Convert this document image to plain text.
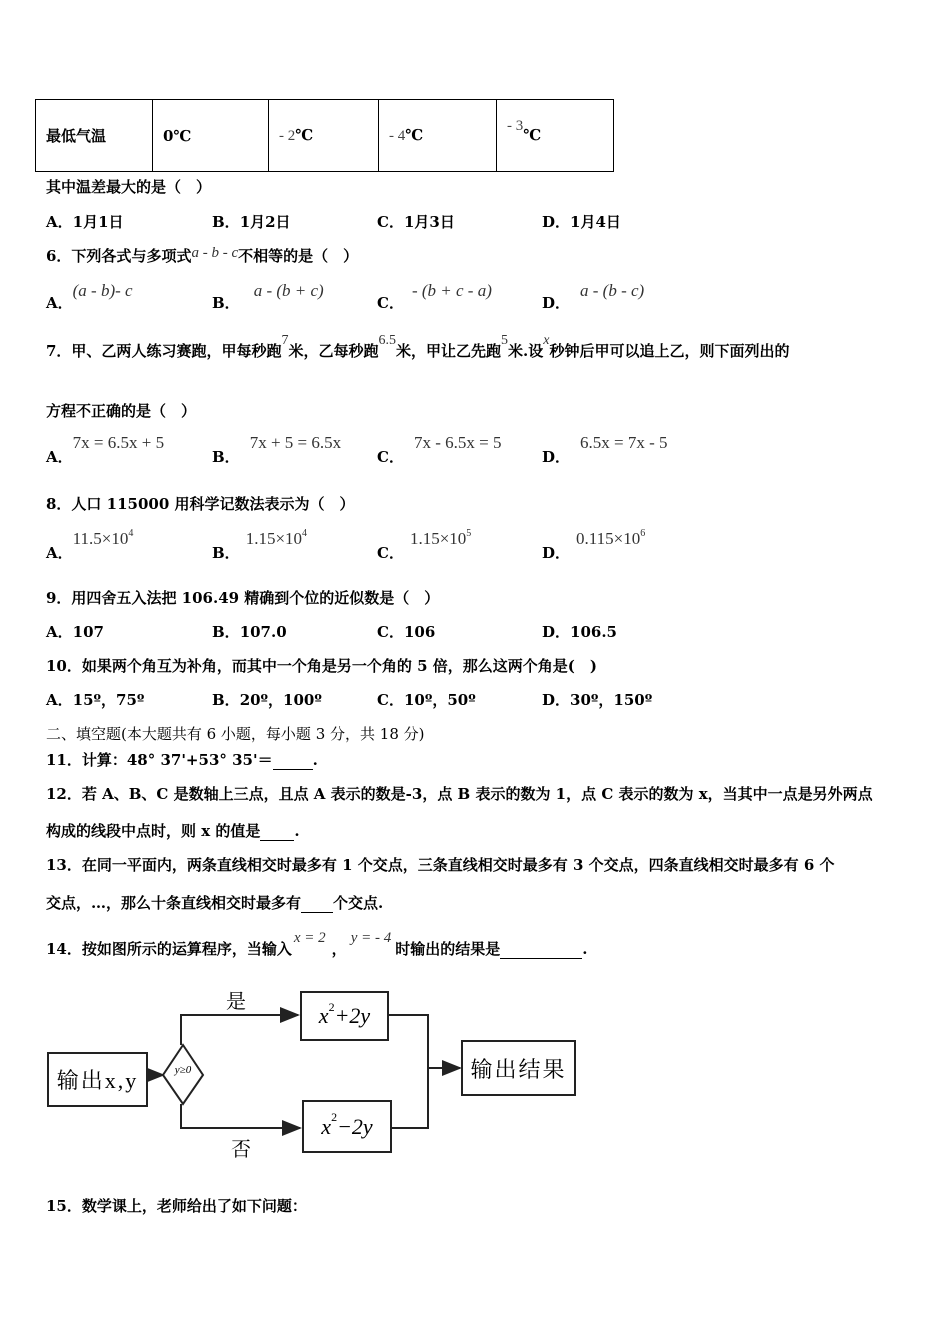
最低气温	0℃	- 2℃	- 4℃	- 3℃
其中温差最大的是（　）
A．1月1日	B．1月2日	C．1月3日	D．1月4日
6．下列各式与多项式a - b - c不相等的是（　）
A．(a - b)- c
B．a - (b + c)
C．- (b + c - a)
D．a - (b - c)
7．甲、乙两人练习赛跑，甲每秒跑7米，乙每秒跑6.5米，甲让乙先跑5米.设x秒钟后甲可以追上乙，则下面列出的
方程不正确的是（　）
A．7x = 6.5x + 5
B．7x + 5 = 6.5x
C．7x - 6.5x = 5
D．6.5x = 7x - 5
8．人口 115000 用科学记数法表示为（　）
A．$11.5\times 10^4$
B．$1.15\times 10^4$
C．$1.15\times 10^5$
D．$0.115\times 10^6$
9．用四舍五入法把 106.49 精确到个位的近似数是（　）
A．107	B．107.0	C．106	D．106.5
10．如果两个角互为补角，而其中一个角是另一个角的 5 倍，那么这两个角是(　)
A．15º，75º	B．20º，100º	C．10º，50º	D．30º，150º
二、填空题(本大题共有 6 小题，每小题 3 分，共 18 分)
11．计算：48° 37'+53° 35'＝	.
12．若 A、B、C 是数轴上三点，且点 A 表示的数是-3，点 B 表示的数为 1，点 C 表示的数为 x，当其中一点是另外两点
构成的线段中点时，则 x 的值是 .
13．在同一平面内，两条直线相交时最多有 1 个交点，三条直线相交时最多有 3 个交点，四条直线相交时最多有 6 个
交点，…，那么十条直线相交时最多有 个交点.
14．按如图所示的运算程序，当输入x = 2，y = - 4时输出的结果是	.
输出x,y	y≥0
是
否
x 2 +2y
x 2 −2y
输出结果
15．数学课上，老师给出了如下问题：
